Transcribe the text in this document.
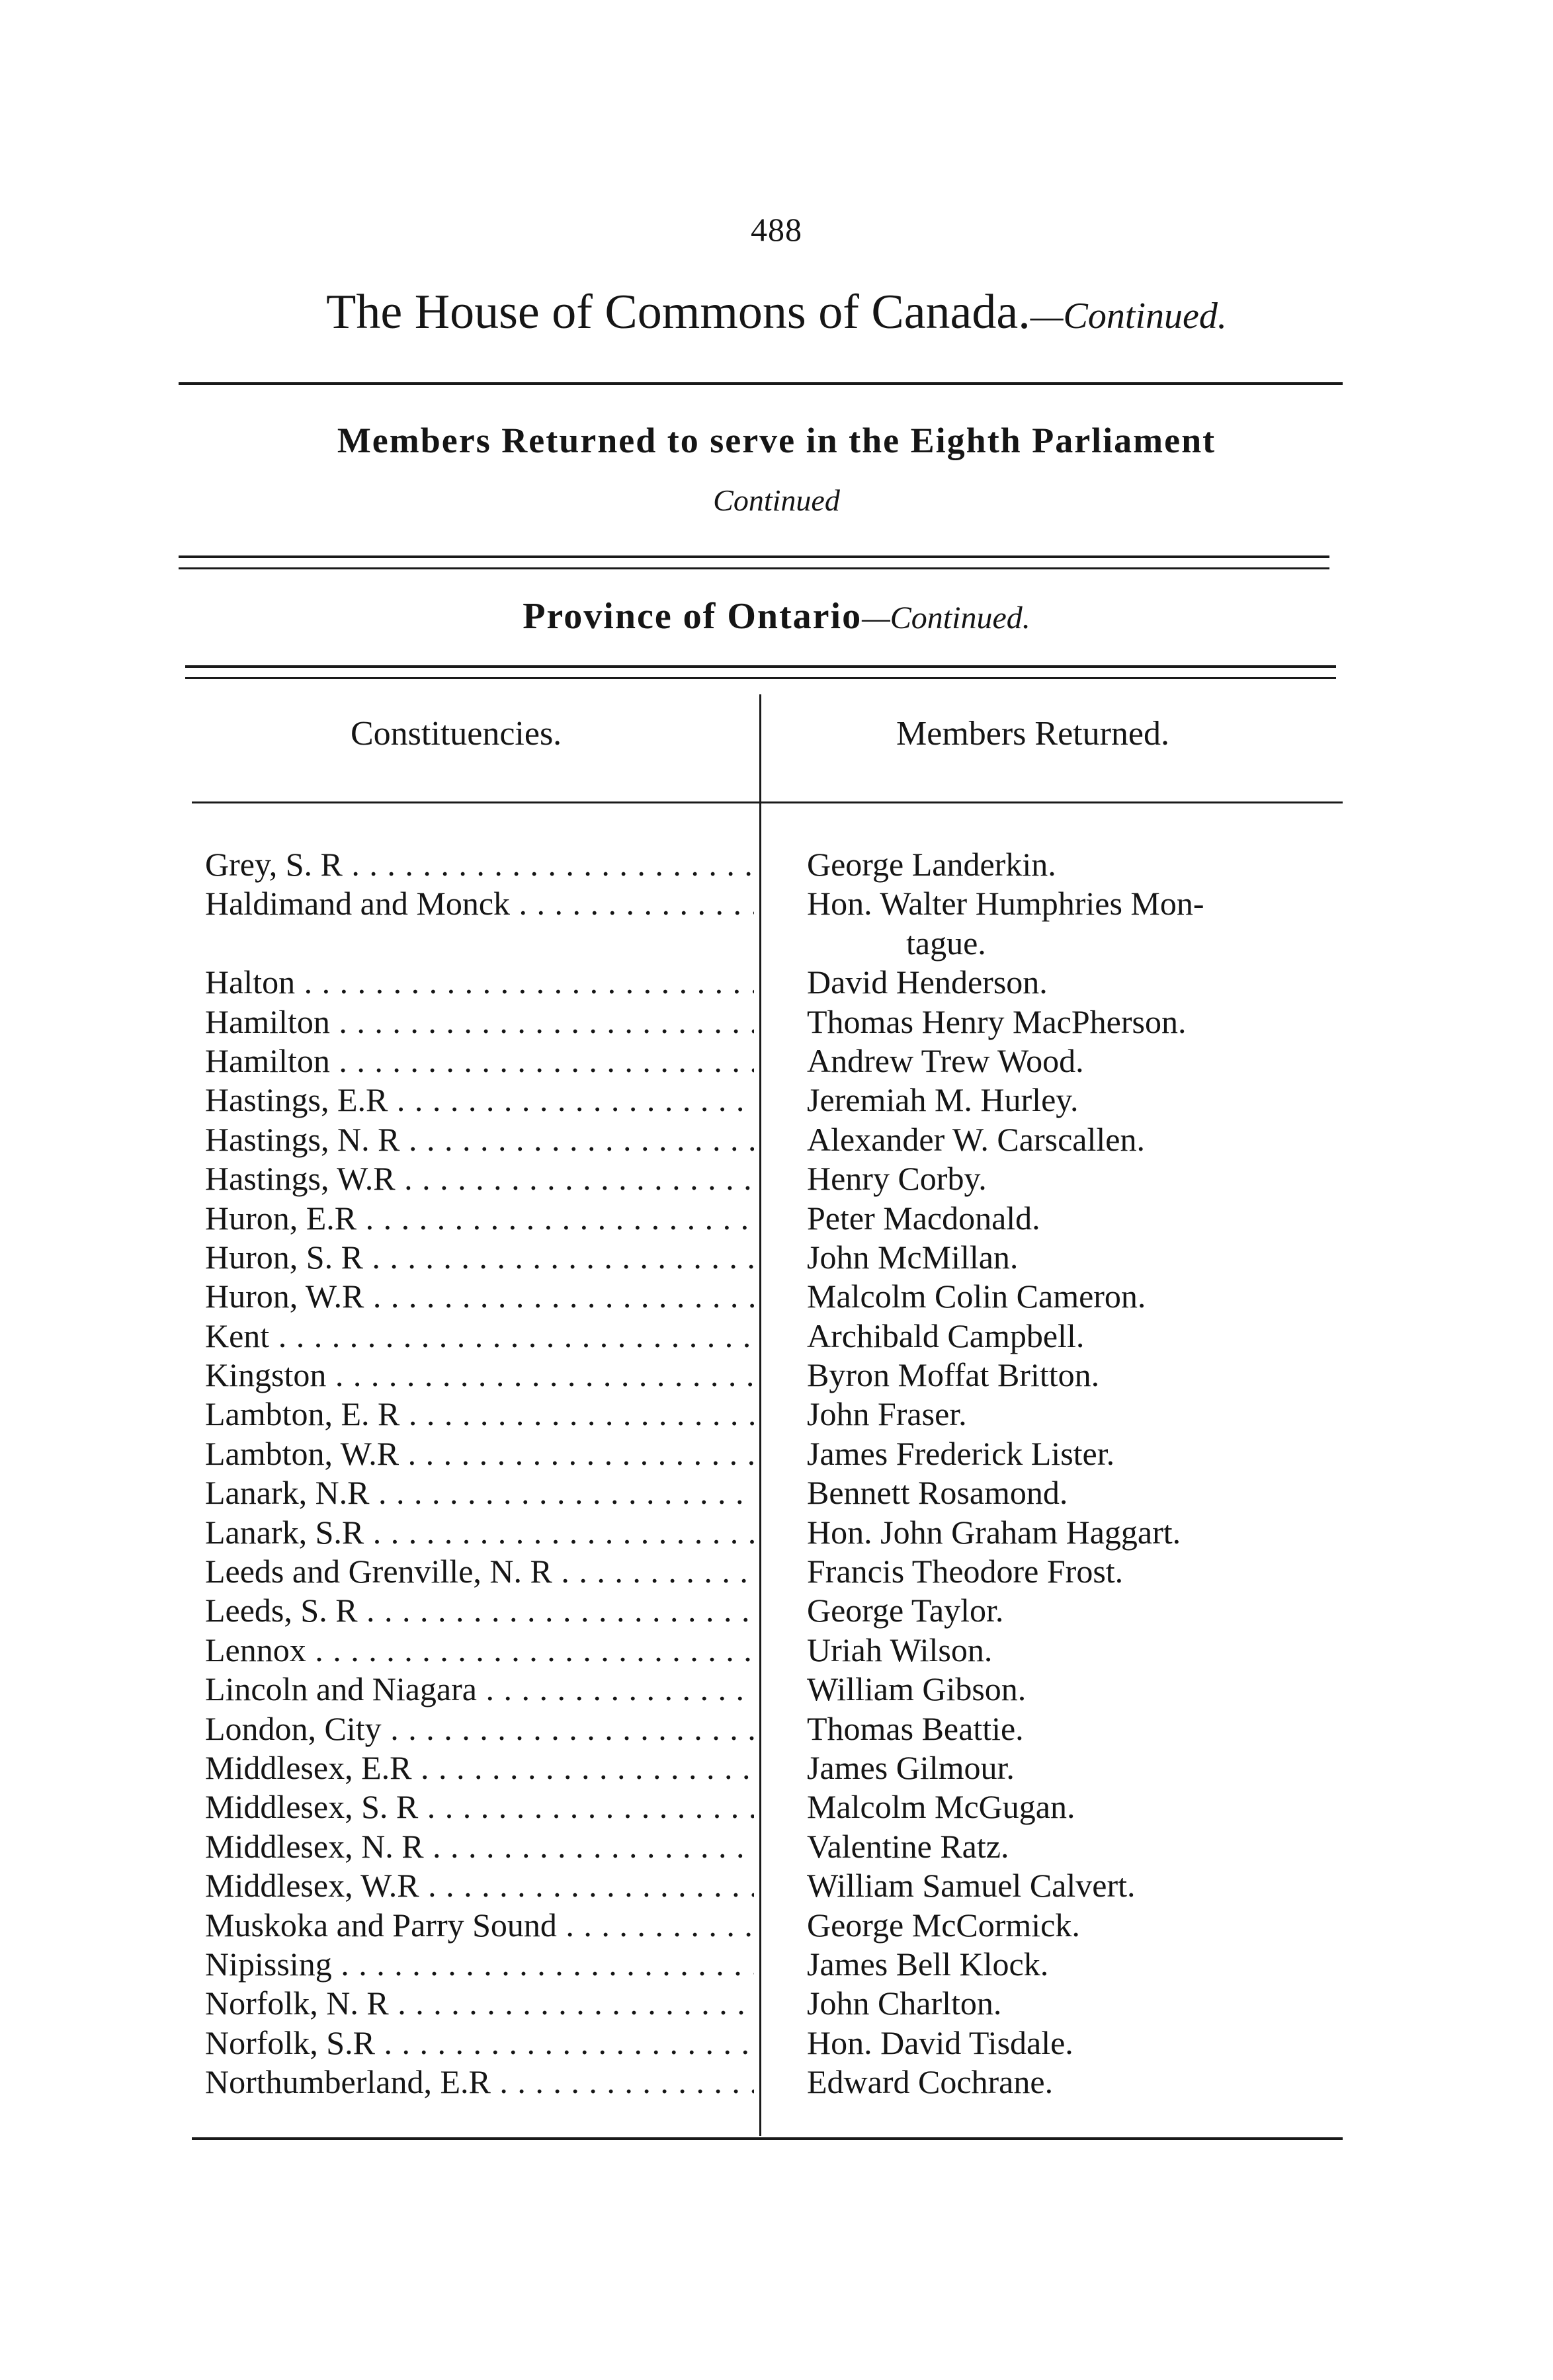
488
The House of Commons of Canada.—Continued.
Members Returned to serve in the Eighth Parliament
Continued
Province of Ontario—Continued.
Constituencies.	Members Returned.
Grey, S. R . . .	George Landerkin.
Haldimand and Monck . . .	Hon. Walter Humphries Mon-
tague.
Halton . . .	David Henderson.
Hamilton . . .	Thomas Henry MacPherson.
Hamilton . . .	Andrew Trew Wood.
Hastings, E.R . . .	Jeremiah M. Hurley.
Hastings, N. R . . .	Alexander W. Carscallen.
Hastings, W.R . . .	Henry Corby.
Huron, E.R . . .	Peter Macdonald.
Huron, S. R . . .	John McMillan.
Huron, W.R . . .	Malcolm Colin Cameron.
Kent . . .	Archibald Campbell.
Kingston . . .	Byron Moffat Britton.
Lambton, E. R . . .	John Fraser.
Lambton, W.R . . .	James Frederick Lister.
Lanark, N.R . . .	Bennett Rosamond.
Lanark, S.R . . .	Hon. John Graham Haggart.
Leeds and Grenville, N. R . . .	Francis Theodore Frost.
Leeds, S. R . . .	George Taylor.
Lennox . . .	Uriah Wilson.
Lincoln and Niagara . . .	William Gibson.
London, City . . .	Thomas Beattie.
Middlesex, E.R . . .	James Gilmour.
Middlesex, S. R . . .	Malcolm McGugan.
Middlesex, N. R . . .	Valentine Ratz.
Middlesex, W.R . . .	William Samuel Calvert.
Muskoka and Parry Sound . . .	George McCormick.
Nipissing . . .	James Bell Klock.
Norfolk, N. R . . .	John Charlton.
Norfolk, S.R . . .	Hon. David Tisdale.
Northumberland, E.R . . .	Edward Cochrane.
